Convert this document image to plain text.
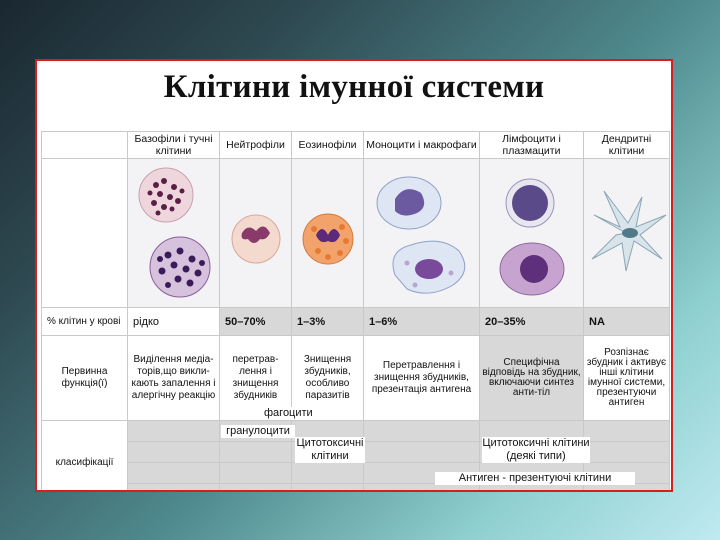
Клітини імунної системи
	Базофіли і тучні клітини	Нейтрофіли	Еозинофіли	Моноцити і макрофаги	Лімфоцити і плазмацити	Дендритні клітини

% клітин у крові	рідко	50–70%	1–3%	1–6%	20–35%	NA
Первинна функція(ї)	Виділення медіа-торів,що викли-кають запалення і алергічну реакцію	перетрав-лення і знищення збудників	Знищення збудників, особливо паразитів	Перетравлення і знищення збудників, презентація антигена	Специфічна відповідь на збудник, включаючи синтез анти-тіл	Розпізнає збудник і активує інші клітини імунної системи, презентуючи антиген
класифікації						

фагоцити
гранулоцити
Цитотоксичні клітини
Цитотоксичні клітини (деякі типи)
Антиген - презентуючі клітини
